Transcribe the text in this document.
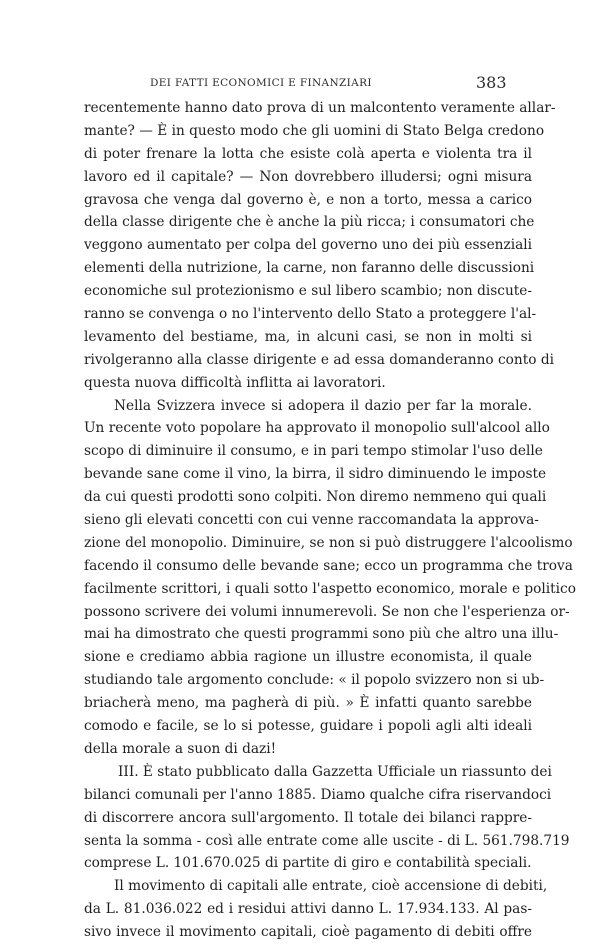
DEI FATTI ECONOMICI E FINANZIARI	383
recentemente hanno dato prova di un malcontento veramente allar-
mante? — È in questo modo che gli uomini di Stato Belga credono
di poter frenare la lotta che esiste colà aperta e violenta tra il
lavoro ed il capitale? — Non dovrebbero illudersi; ogni misura
gravosa che venga dal governo è, e non a torto, messa a carico
della classe dirigente che è anche la più ricca; i consumatori che
veggono aumentato per colpa del governo uno dei più essenziali
elementi della nutrizione, la carne, non faranno delle discussioni
economiche sul protezionismo e sul libero scambio; non discute-
ranno se convenga o no l'intervento dello Stato a proteggere l'al-
levamento del bestiame, ma, in alcuni casi, se non in molti si
rivolgeranno alla classe dirigente e ad essa domanderanno conto di
questa nuova difficoltà inflitta ai lavoratori.
Nella Svizzera invece si adopera il dazio per far la morale.
Un recente voto popolare ha approvato il monopolio sull'alcool allo
scopo di diminuire il consumo, e in pari tempo stimolar l'uso delle
bevande sane come il vino, la birra, il sidro diminuendo le imposte
da cui questi prodotti sono colpiti. Non diremo nemmeno qui quali
sieno gli elevati concetti con cui venne raccomandata la approva-
zione del monopolio. Diminuire, se non si può distruggere l'alcoolismo
facendo il consumo delle bevande sane; ecco un programma che trova
facilmente scrittori, i quali sotto l'aspetto economico, morale e politico
possono scrivere dei volumi innumerevoli. Se non che l'esperienza or-
mai ha dimostrato che questi programmi sono più che altro una illu-
sione e crediamo abbia ragione un illustre economista, il quale
studiando tale argomento conclude: « il popolo svizzero non si ub-
briacherà meno, ma pagherà di più. » È infatti quanto sarebbe
comodo e facile, se lo si potesse, guidare i popoli agli alti ideali
della morale a suon di dazi!
III. È stato pubblicato dalla Gazzetta Ufficiale un riassunto dei
bilanci comunali per l'anno 1885. Diamo qualche cifra riservandoci
di discorrere ancora sull'argomento. Il totale dei bilanci rappre-
senta la somma - così alle entrate come alle uscite - di L. 561.798.719
comprese L. 101.670.025 di partite di giro e contabilità speciali.
Il movimento di capitali alle entrate, cioè accensione di debiti,
da L. 81.036.022 ed i residui attivi danno L. 17.934.133. Al pas-
sivo invece il movimento capitali, cioè pagamento di debiti offre
